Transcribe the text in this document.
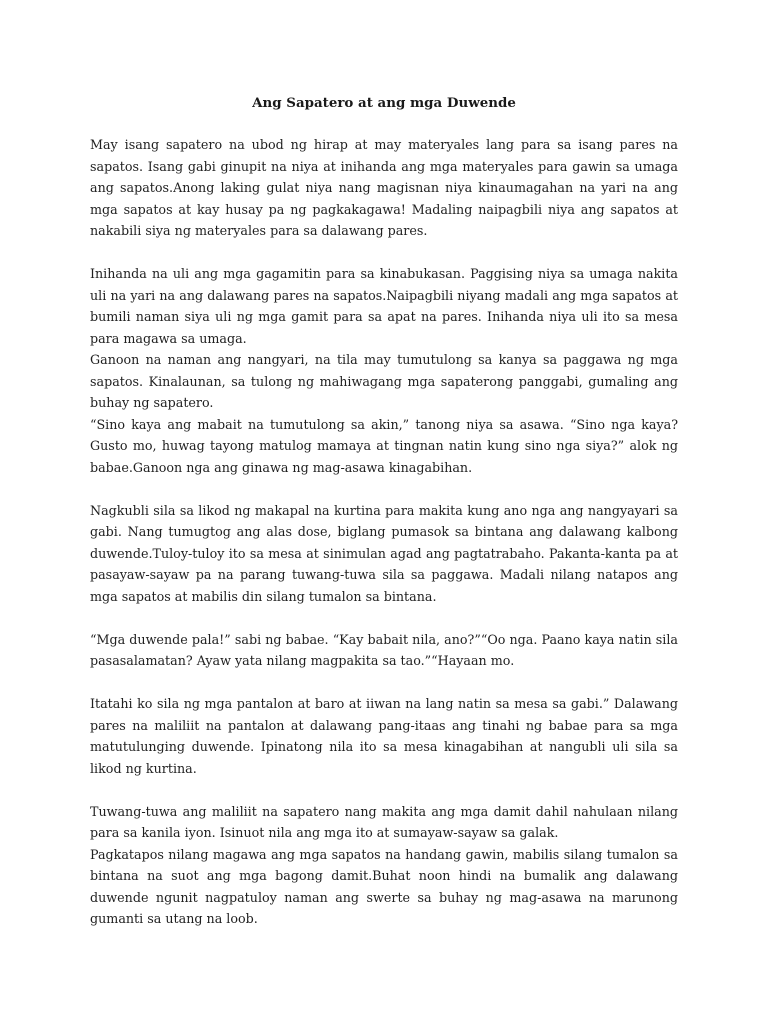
Ang Sapatero at ang mga Duwende

May isang sapatero na ubod ng hirap at may materyales lang para sa isang pares na sapatos. Isang gabi ginupit na niya at inihanda ang mga materyales para gawin sa umaga ang sapatos.Anong laking gulat niya nang magisnan niya kinaumagahan na yari na ang mga sapatos at kay husay pa ng pagkakagawa! Madaling naipagbili niya ang sapatos at nakabili siya ng materyales para sa dalawang pares.

Inihanda na uli ang mga gagamitin para sa kinabukasan. Paggising niya sa umaga nakita uli na yari na ang dalawang pares na sapatos.Naipagbili niyang madali ang mga sapatos at bumili naman siya uli ng mga gamit para sa apat na pares. Inihanda niya uli ito sa mesa para magawa sa umaga.

Ganoon na naman ang nangyari, na tila may tumutulong sa kanya sa paggawa ng mga sapatos. Kinalaunan, sa tulong ng mahiwagang mga sapaterong panggabi, gumaling ang buhay ng sapatero.

“Sino kaya ang mabait na tumutulong sa akin,” tanong niya sa asawa. “Sino nga kaya? Gusto mo, huwag tayong matulog mamaya at tingnan natin kung sino nga siya?” alok ng babae.Ganoon nga ang ginawa ng mag-asawa kinagabihan.

Nagkubli sila sa likod ng makapal na kurtina para makita kung ano nga ang nangyayari sa gabi. Nang tumugtog ang alas dose, biglang pumasok sa bintana ang dalawang kalbong duwende.Tuloy-tuloy ito sa mesa at sinimulan agad ang pagtatrabaho. Pakanta-kanta pa at pasayaw-sayaw pa na parang tuwang-tuwa sila sa paggawa. Madali nilang natapos ang mga sapatos at mabilis din silang tumalon sa bintana.

“Mga duwende pala!” sabi ng babae. “Kay babait nila, ano?”“Oo nga. Paano kaya natin sila pasasalamatan? Ayaw yata nilang magpakita sa tao.”“Hayaan mo.

Itatahi ko sila ng mga pantalon at baro at iiwan na lang natin sa mesa sa gabi.” Dalawang pares na maliliit na pantalon at dalawang pang-itaas ang tinahi ng babae para sa mga matutulunging duwende. Ipinatong nila ito sa mesa kinagabihan at nangubli uli sila sa likod ng kurtina.

Tuwang-tuwa ang maliliit na sapatero nang makita ang mga damit dahil nahulaan nilang para sa kanila iyon. Isinuot nila ang mga ito at sumayaw-sayaw sa galak.

Pagkatapos nilang magawa ang mga sapatos na handang gawin, mabilis silang tumalon sa bintana na suot ang mga bagong damit.Buhat noon hindi na bumalik ang dalawang duwende ngunit nagpatuloy naman ang swerte sa buhay ng mag-asawa na marunong gumanti sa utang na loob.
